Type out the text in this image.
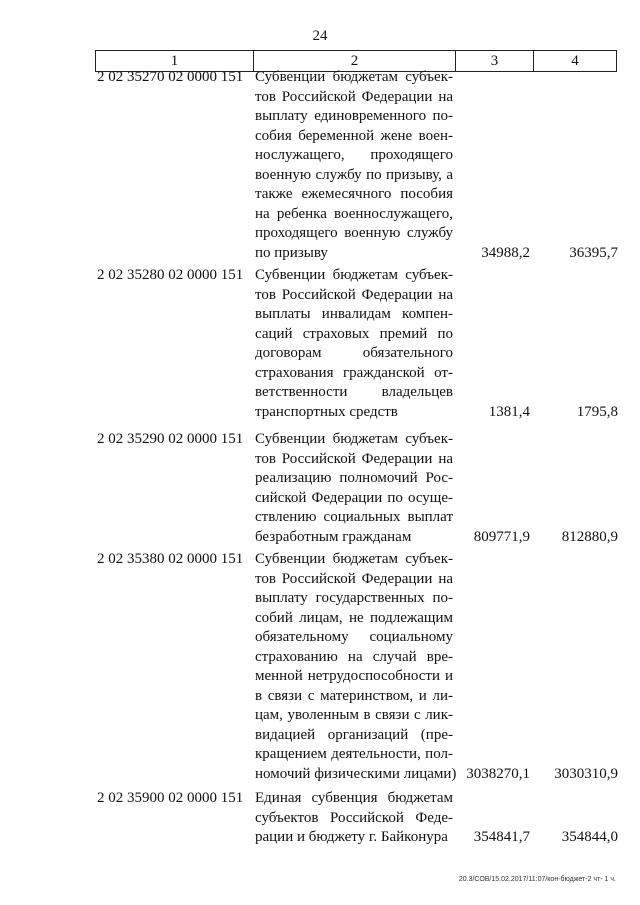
24
1	2	3	4
2 02 35270 02 0000 151 Субвенции бюджетам субъек-
тов Российской Федерации на
выплату единовременного по-
собия беременной жене воен-
нослужащего, проходящего
военную службу по призыву, а
также ежемесячного пособия
на ребенка военнослужащего,
проходящего военную службу
по призыву	34988,2	36395,7
2 02 35280 02 0000 151 Субвенции бюджетам субъек-
тов Российской Федерации на
выплаты инвалидам компен-
саций страховых премий по
договорам обязательного
страхования гражданской от-
ветственности владельцев
транспортных средств	1381,4	1795,8
2 02 35290 02 0000 151 Субвенции бюджетам субъек-
тов Российской Федерации на
реализацию полномочий Рос-
сийской Федерации по осуще-
ствлению социальных выплат
безработным гражданам	809771,9 812880,9
2 02 35380 02 0000 151 Субвенции бюджетам субъек-
тов Российской Федерации на
выплату государственных по-
собий лицам, не подлежащим
обязательному социальному
страхованию на случай вре-
менной нетрудоспособности и
в связи с материнством, и ли-
цам, уволенным в связи с лик-
видацией организаций (пре-
кращением деятельности, пол-
номочий физическими лицами) 3038270,1 3030310,9
2 02 35900 02 0000 151 Единая субвенция бюджетам
субъектов Российской Феде-
рации и бюджету г. Байконура	354841,7 354844,0
20.3/СОВ/15.02.2017/11:07/кон-бюджет-2 чт- 1 ч.
